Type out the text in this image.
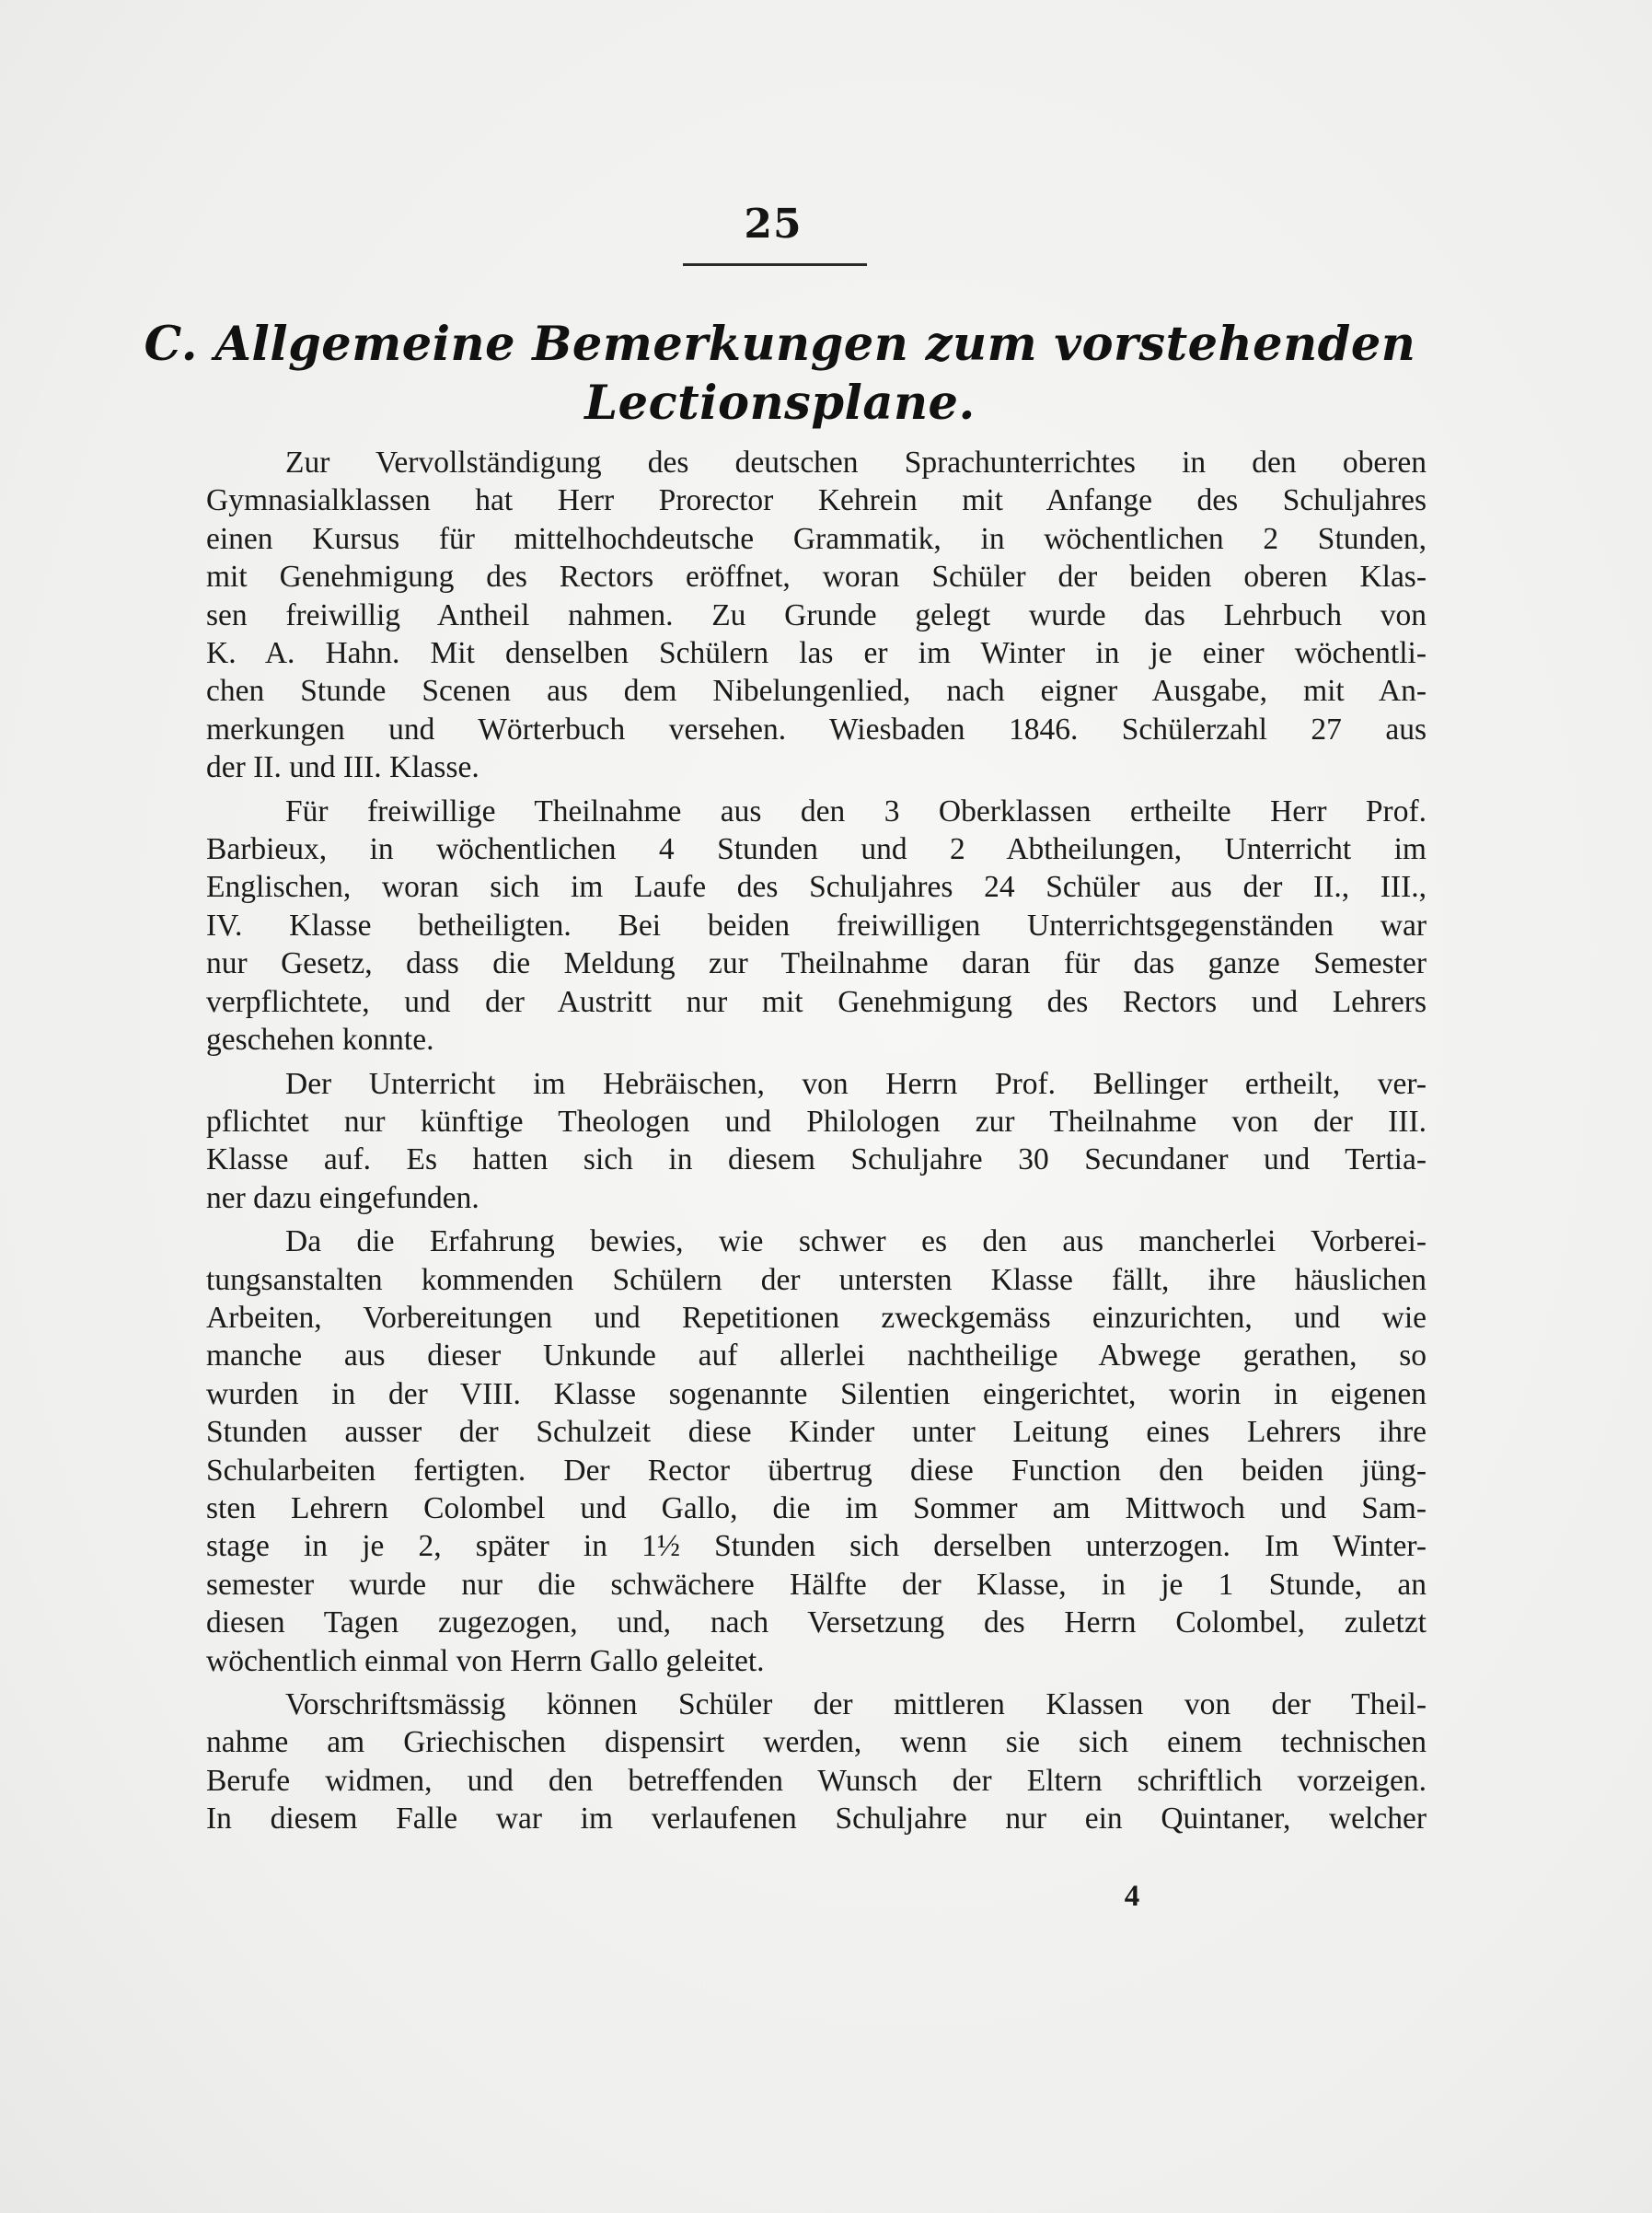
25
C. Allgemeine Bemerkungen zum vorstehenden
Lectionsplane.
Zur Vervollständigung des deutschen Sprachunterrichtes in den oberen
Gymnasialklassen hat Herr Prorector Kehrein mit Anfange des Schuljahres
einen Kursus für mittelhochdeutsche Grammatik, in wöchentlichen 2 Stunden,
mit Genehmigung des Rectors eröffnet, woran Schüler der beiden oberen Klas-
sen freiwillig Antheil nahmen. Zu Grunde gelegt wurde das Lehrbuch von
K. A. Hahn. Mit denselben Schülern las er im Winter in je einer wöchentli-
chen Stunde Scenen aus dem Nibelungenlied, nach eigner Ausgabe, mit An-
merkungen und Wörterbuch versehen. Wiesbaden 1846. Schülerzahl 27 aus
der II. und III. Klasse.
Für freiwillige Theilnahme aus den 3 Oberklassen ertheilte Herr Prof.
Barbieux, in wöchentlichen 4 Stunden und 2 Abtheilungen, Unterricht im
Englischen, woran sich im Laufe des Schuljahres 24 Schüler aus der II., III.,
IV. Klasse betheiligten. Bei beiden freiwilligen Unterrichtsgegenständen war
nur Gesetz, dass die Meldung zur Theilnahme daran für das ganze Semester
verpflichtete, und der Austritt nur mit Genehmigung des Rectors und Lehrers
geschehen konnte.
Der Unterricht im Hebräischen, von Herrn Prof. Bellinger ertheilt, ver-
pflichtet nur künftige Theologen und Philologen zur Theilnahme von der III.
Klasse auf. Es hatten sich in diesem Schuljahre 30 Secundaner und Tertia-
ner dazu eingefunden.
Da die Erfahrung bewies, wie schwer es den aus mancherlei Vorberei-
tungsanstalten kommenden Schülern der untersten Klasse fällt, ihre häuslichen
Arbeiten, Vorbereitungen und Repetitionen zweckgemäss einzurichten, und wie
manche aus dieser Unkunde auf allerlei nachtheilige Abwege gerathen, so
wurden in der VIII. Klasse sogenannte Silentien eingerichtet, worin in eigenen
Stunden ausser der Schulzeit diese Kinder unter Leitung eines Lehrers ihre
Schularbeiten fertigten. Der Rector übertrug diese Function den beiden jüng-
sten Lehrern Colombel und Gallo, die im Sommer am Mittwoch und Sam-
stage in je 2, später in 1½ Stunden sich derselben unterzogen. Im Winter-
semester wurde nur die schwächere Hälfte der Klasse, in je 1 Stunde, an
diesen Tagen zugezogen, und, nach Versetzung des Herrn Colombel, zuletzt
wöchentlich einmal von Herrn Gallo geleitet.
Vorschriftsmässig können Schüler der mittleren Klassen von der Theil-
nahme am Griechischen dispensirt werden, wenn sie sich einem technischen
Berufe widmen, und den betreffenden Wunsch der Eltern schriftlich vorzeigen.
In diesem Falle war im verlaufenen Schuljahre nur ein Quintaner, welcher
4
